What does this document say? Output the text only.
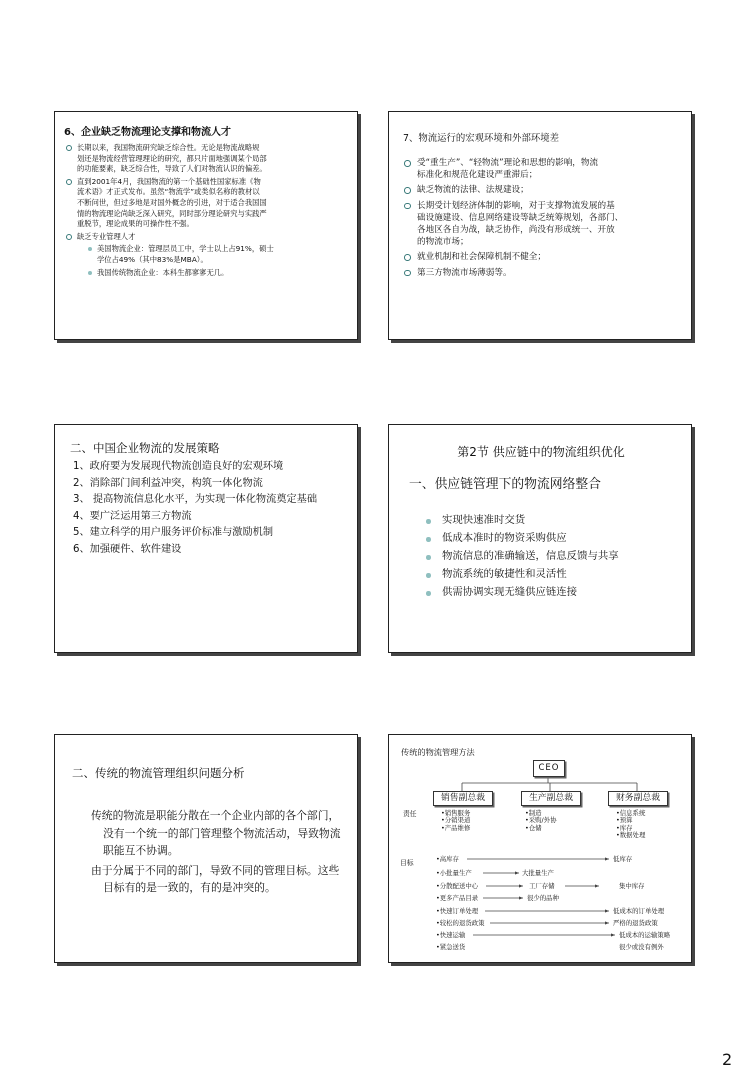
6、企业缺乏物流理论支撑和物流人才
长期以来，我国物流研究缺乏综合性。无论是物流战略规
划还是物流经营管理理论的研究，都只片面地强调某个局部
的功能要素，缺乏综合性，导致了人们对物流认识的偏差。
直到2001年4月，我国物流的第一个基础性国家标准《物
流术语》才正式发布。虽然“物流学”或类似名称的教材以
不断问世，但过多地是对国外概念的引进，对于适合我国国
情的物流理论尚缺乏深入研究，同时部分理论研究与实践严
重脱节，理论成果的可操作性不强。
缺乏专业管理人才
美国物流企业：管理层员工中，学士以上占91%，硕士
学位占49%（其中83%是MBA）。
我国传统物流企业：本科生都寥寥无几。
7、物流运行的宏观环境和外部环境差
受“重生产”、“轻物流”理论和思想的影响，物流
标准化和规范化建设严重滞后；
缺乏物流的法律、法规建设；
长期受计划经济体制的影响，对于支撑物流发展的基
础设施建设、信息网络建设等缺乏统筹规划，各部门、
各地区各自为战，缺乏协作，尚没有形成统一、开放
的物流市场；
就业机制和社会保障机制不健全；
第三方物流市场薄弱等。
二、中国企业物流的发展策略
1、政府要为发展现代物流创造良好的宏观环境
2、消除部门间利益冲突，构筑一体化物流
3、 提高物流信息化水平，为实现一体化物流奠定基础
4、要广泛运用第三方物流
5、建立科学的用户服务评价标准与激励机制
6、加强硬件、软件建设
第2节 供应链中的物流组织优化
一、供应链管理下的物流网络整合
实现快速准时交货
低成本准时的物资采购供应
物流信息的准确输送，信息反馈与共享
物流系统的敏捷性和灵活性
供需协调实现无缝供应链连接
二、传统的物流管理组织问题分析
传统的物流是职能分散在一个企业内部的各个部门，没有一个统一的部门管理整个物流活动，导致物流职能互不协调。
由于分属于不同的部门，导致不同的管理目标。这些目标有的是一致的，有的是冲突的。
传统的物流管理方法
CEO
销售副总裁	生产副总裁	财务副总裁
责任
目标
•销售服务
•分销渠道
•产品维修
•制造
•采购/外协
•仓储
•信息系统
•预算
•库存
•数据处理
•高库存	低库存
•小批量生产	大批量生产
•分散配送中心	工厂存储	集中库存
•更多产品目录	很少的品种
•快速订单处理	低成本的订单处理
•较松的退货政策	严格的退货政策
•快速运输	低成本的运输策略
•紧急送货	很少或没有例外
2
